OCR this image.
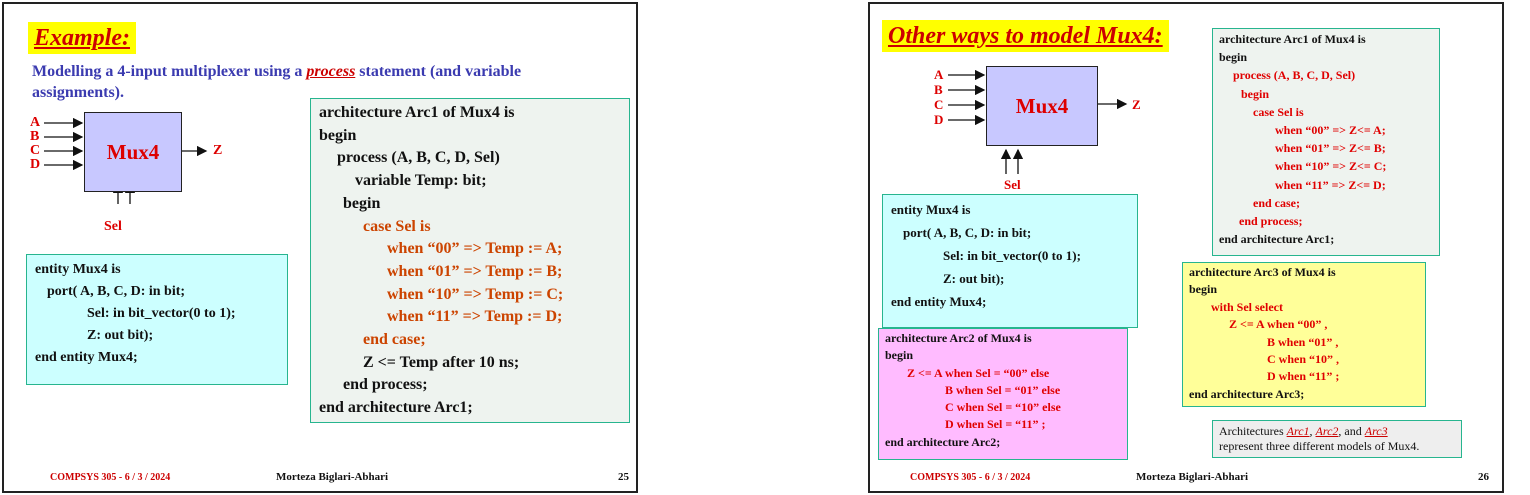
Example:
Modelling a 4-input multiplexer using a process statement (and variable
assignments).
A
B
C
D
Mux4	Z
Sel
entity Mux4 is
port( A, B, C, D: in bit;
Sel: in bit_vector(0 to 1);
Z: out bit);
end entity Mux4;
architecture Arc1 of Mux4 is
begin
process (A, B, C, D, Sel)
variable Temp: bit;
begin
case Sel is
when “00” => Temp := A;
when “01” => Temp := B;
when “10” => Temp := C;
when “11” => Temp := D;
end case;
Z <= Temp after 10 ns;
end process;
end architecture Arc1;
COMPSYS 305 - 6 / 3 / 2024	Morteza Biglari-Abhari	25
Other ways to model Mux4:
A
B
C
D
Mux4	Z
Sel
entity Mux4 is
port( A, B, C, D: in bit;
Sel: in bit_vector(0 to 1);
Z: out bit);
end entity Mux4;
architecture Arc2 of Mux4 is
begin
Z <= A when Sel = “00” else
B when Sel = “01” else
C when Sel = “10” else
D when Sel = “11” ;
end architecture Arc2;
architecture Arc1 of Mux4 is
begin
process (A, B, C, D, Sel)
begin
case Sel is
when “00” => Z<= A;
when “01” => Z<= B;
when “10” => Z<= C;
when “11” => Z<= D;
end case;
end process;
end architecture Arc1;
architecture Arc3 of Mux4 is
begin
with Sel select
Z <= A when “00” ,
B when “01” ,
C when “10” ,
D when “11” ;
end architecture Arc3;
Architectures Arc1, Arc2, and Arc3
represent three different models of Mux4.
COMPSYS 305 - 6 / 3 / 2024	Morteza Biglari-Abhari	26
